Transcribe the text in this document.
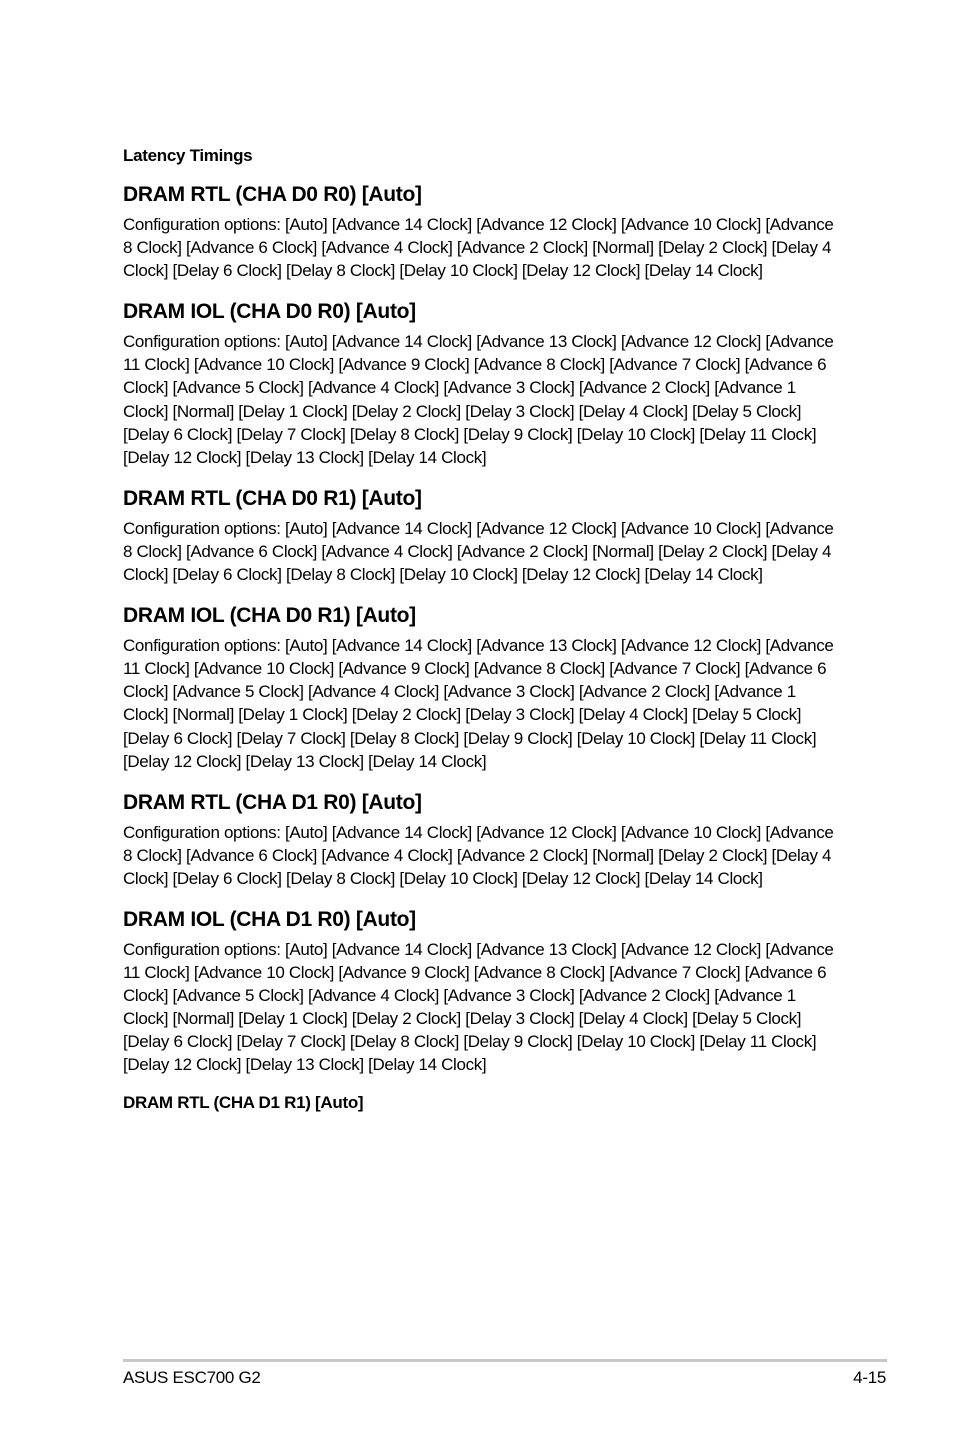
Latency Timings
DRAM RTL (CHA D0 R0) [Auto]

Configuration options: [Auto] [Advance 14 Clock] [Advance 12 Clock] [Advance 10 Clock] [Advance 8 Clock] [Advance 6 Clock] [Advance 4 Clock] [Advance 2 Clock] [Normal] [Delay 2 Clock] [Delay 4 Clock] [Delay 6 Clock] [Delay 8 Clock] [Delay 10 Clock] [Delay 12 Clock] [Delay 14 Clock]

DRAM IOL (CHA D0 R0) [Auto]

Configuration options: [Auto] [Advance 14 Clock] [Advance 13 Clock] [Advance 12 Clock] [Advance 11 Clock] [Advance 10 Clock] [Advance 9 Clock] [Advance 8 Clock] [Advance 7 Clock] [Advance 6 Clock] [Advance 5 Clock] [Advance 4 Clock] [Advance 3 Clock] [Advance 2 Clock] [Advance 1 Clock] [Normal] [Delay 1 Clock] [Delay 2 Clock] [Delay 3 Clock] [Delay 4 Clock] [Delay 5 Clock] [Delay 6 Clock] [Delay 7 Clock] [Delay 8 Clock] [Delay 9 Clock] [Delay 10 Clock] [Delay 11 Clock] [Delay 12 Clock] [Delay 13 Clock] [Delay 14 Clock]

DRAM RTL (CHA D0 R1) [Auto]

Configuration options: [Auto] [Advance 14 Clock] [Advance 12 Clock] [Advance 10 Clock] [Advance 8 Clock] [Advance 6 Clock] [Advance 4 Clock] [Advance 2 Clock] [Normal] [Delay 2 Clock] [Delay 4 Clock] [Delay 6 Clock] [Delay 8 Clock] [Delay 10 Clock] [Delay 12 Clock] [Delay 14 Clock]

DRAM IOL (CHA D0 R1) [Auto]

Configuration options: [Auto] [Advance 14 Clock] [Advance 13 Clock] [Advance 12 Clock] [Advance 11 Clock] [Advance 10 Clock] [Advance 9 Clock] [Advance 8 Clock] [Advance 7 Clock] [Advance 6 Clock] [Advance 5 Clock] [Advance 4 Clock] [Advance 3 Clock] [Advance 2 Clock] [Advance 1 Clock] [Normal] [Delay 1 Clock] [Delay 2 Clock] [Delay 3 Clock] [Delay 4 Clock] [Delay 5 Clock] [Delay 6 Clock] [Delay 7 Clock] [Delay 8 Clock] [Delay 9 Clock] [Delay 10 Clock] [Delay 11 Clock] [Delay 12 Clock] [Delay 13 Clock] [Delay 14 Clock]

DRAM RTL (CHA D1 R0) [Auto]

Configuration options: [Auto] [Advance 14 Clock] [Advance 12 Clock] [Advance 10 Clock] [Advance 8 Clock] [Advance 6 Clock] [Advance 4 Clock] [Advance 2 Clock] [Normal] [Delay 2 Clock] [Delay 4 Clock] [Delay 6 Clock] [Delay 8 Clock] [Delay 10 Clock] [Delay 12 Clock] [Delay 14 Clock]

DRAM IOL (CHA D1 R0) [Auto]

Configuration options: [Auto] [Advance 14 Clock] [Advance 13 Clock] [Advance 12 Clock] [Advance 11 Clock] [Advance 10 Clock] [Advance 9 Clock] [Advance 8 Clock] [Advance 7 Clock] [Advance 6 Clock] [Advance 5 Clock] [Advance 4 Clock] [Advance 3 Clock] [Advance 2 Clock] [Advance 1 Clock] [Normal] [Delay 1 Clock] [Delay 2 Clock] [Delay 3 Clock] [Delay 4 Clock] [Delay 5 Clock] [Delay 6 Clock] [Delay 7 Clock] [Delay 8 Clock] [Delay 9 Clock] [Delay 10 Clock] [Delay 11 Clock] [Delay 12 Clock] [Delay 13 Clock] [Delay 14 Clock]

DRAM RTL (CHA D1 R1) [Auto]
ASUS ESC700 G2	4-15
